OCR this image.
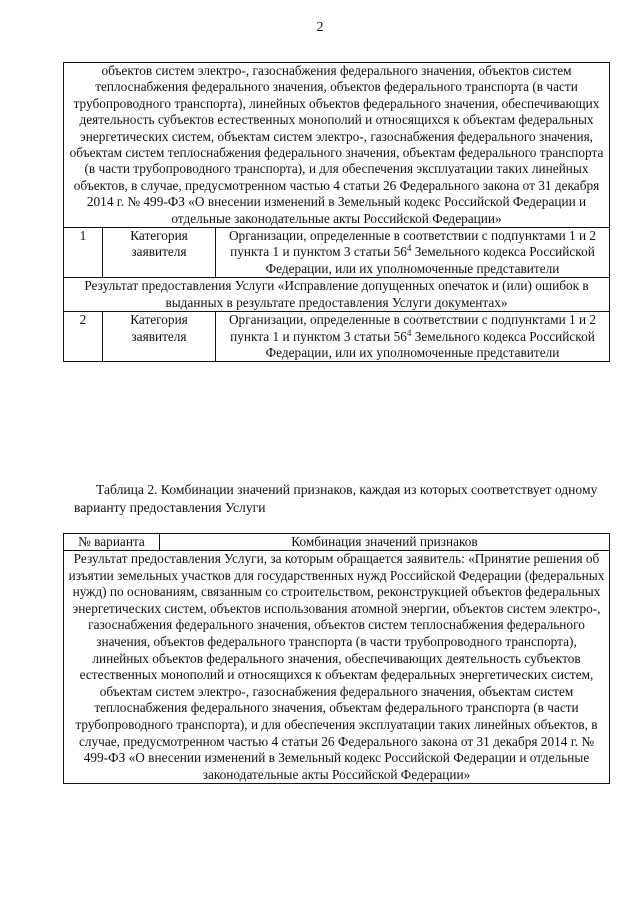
2
объектов систем электро-, газоснабжения федерального значения, объектов систем теплоснабжения федерального значения, объектов федерального транспорта (в части трубопроводного транспорта), линейных объектов федерального значения, обеспечивающих деятельность субъектов естественных монополий и относящихся к объектам федеральных энергетических систем, объектам систем электро-, газоснабжения федерального значения, объектам систем теплоснабжения федерального значения, объектам федерального транспорта (в части трубопроводного транспорта), и для обеспечения эксплуатации таких линейных объектов, в случае, предусмотренном частью 4 статьи 26 Федерального закона от 31 декабря 2014 г. № 499-ФЗ «О внесении изменений в Земельный кодекс Российской Федерации и отдельные законодательные акты Российской Федерации»		
1	Категория заявителя	Организации, определенные в соответствии с подпунктами 1 и 2 пункта 1 и пунктом 3 статьи $56^4$ Земельного кодекса Российской Федерации, или их уполномоченные представители
Результат предоставления Услуги «Исправление допущенных опечаток и (или) ошибок в выданных в результате предоставления Услуги документах»		
2	Категория заявителя	Организации, определенные в соответствии с подпунктами 1 и 2 пункта 1 и пунктом 3 статьи $56^4$ Земельного кодекса Российской Федерации, или их уполномоченные представители
Таблица 2. Комбинации значений признаков, каждая из которых соответствует одному варианту предоставления Услуги
№ варианта	Комбинация значений признаков
Результат предоставления Услуги, за которым обращается заявитель: «Принятие решения об изъятии земельных участков для государственных нужд Российской Федерации (федеральных нужд) по основаниям, связанным со строительством, реконструкцией объектов федеральных энергетических систем, объектов использования атомной энергии, объектов систем электро-, газоснабжения федерального значения, объектов систем теплоснабжения федерального значения, объектов федерального транспорта (в части трубопроводного транспорта), линейных объектов федерального значения, обеспечивающих деятельность субъектов естественных монополий и относящихся к объектам федеральных энергетических систем, объектам систем электро-, газоснабжения федерального значения, объектам систем теплоснабжения федерального значения, объектам федерального транспорта (в части трубопроводного транспорта), и для обеспечения эксплуатации таких линейных объектов, в случае, предусмотренном частью 4 статьи 26 Федерального закона от 31 декабря 2014 г. № 499-ФЗ «О внесении изменений в Земельный кодекс Российской Федерации и отдельные законодательные акты Российской Федерации»
